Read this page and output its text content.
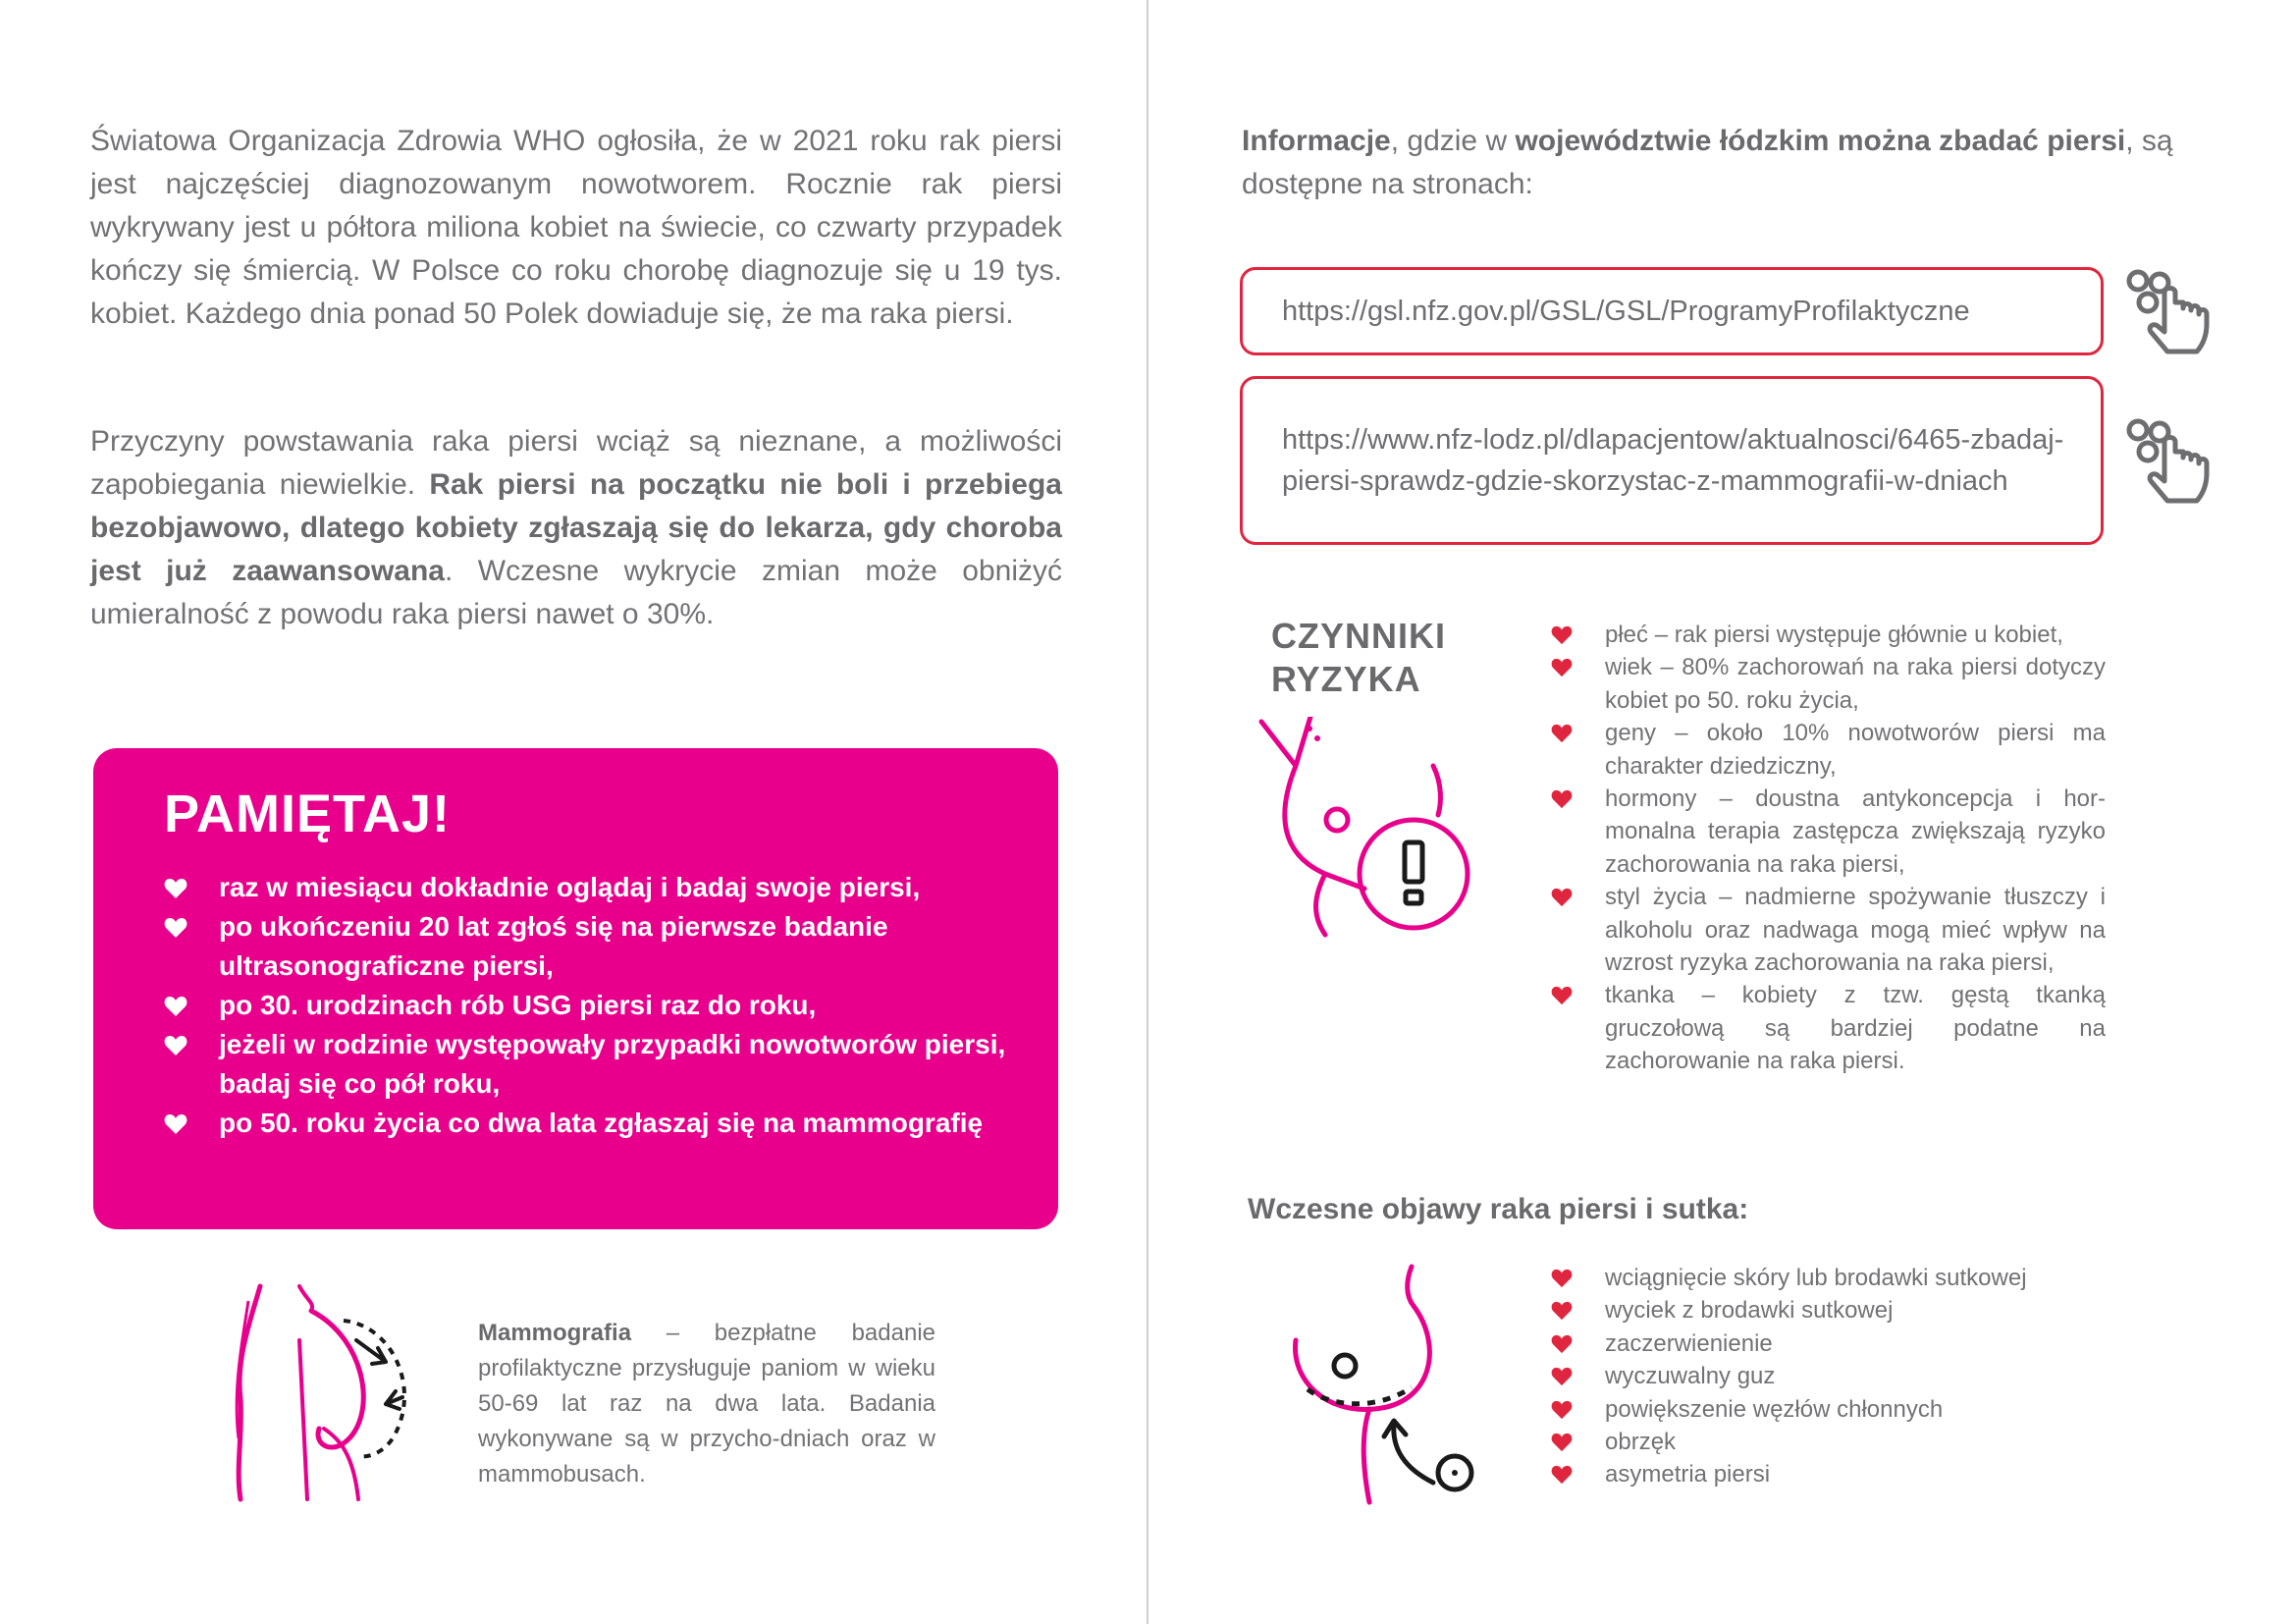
Światowa Organizacja Zdrowia WHO ogłosiła, że w 2021 roku rak piersi jest najczęściej diagnozowanym nowotworem. Rocznie rak piersi wykrywany jest u półtora miliona kobiet na świecie, co czwarty przypadek kończy się śmiercią. W Polsce co roku chorobę diagnozuje się u 19 tys. kobiet. Każdego dnia ponad 50 Polek dowiaduje się, że ma raka piersi.

Przyczyny powstawania raka piersi wciąż są nieznane, a możliwości zapobiegania niewielkie. Rak piersi na początku nie boli i przebiega bezobjawowo, dlatego kobiety zgłaszają się do lekarza, gdy choroba jest już zaawansowana. Wczesne wykrycie zmian może obniżyć umieralność z powodu raka piersi nawet o 30%.

PAMIĘTAJ!
raz w miesiącu dokładnie oglądaj i badaj swoje piersi,
po ukończeniu 20 lat zgłoś się na pierwsze badanie ultrasonograficzne piersi,
po 30. urodzinach rób USG piersi raz do roku,
jeżeli w rodzinie występowały przypadki nowotworów piersi, badaj się co pół roku,
po 50. roku życia co dwa lata zgłaszaj się na mammografię

Mammografia – bezpłatne badanie profilaktyczne przysługuje paniom w wieku 50-69 lat raz na dwa lata. Badania wykonywane są w przycho-dniach oraz w mammobusach.

Informacje, gdzie w województwie łódzkim można zbadać piersi, są dostępne na stronach:

https://gsl.nfz.gov.pl/GSL/GSL/ProgramyProfilaktyczne
https://www.nfz-lodz.pl/dlapacjentow/aktualnosci/6465-zbadaj-piersi-sprawdz-gdzie-skorzystac-z-mammografii-w-dniach
CZYNNIKI
RYZYKA
płeć – rak piersi występuje głównie u kobiet,
wiek – 80% zachorowań na raka piersi dotyczy kobiet po 50. roku życia,
geny – około 10% nowotworów piersi ma charakter dziedziczny,
hormony – doustna antykoncepcja i hor-monalna terapia zastępcza zwiększają ryzyko zachorowania na raka piersi,
styl życia – nadmierne spożywanie tłuszczy i alkoholu oraz nadwaga mogą mieć wpływ na wzrost ryzyka zachorowania na raka piersi,
tkanka – kobiety z tzw. gęstą tkanką gruczołową są bardziej podatne na zachorowanie na raka piersi.
Wczesne objawy raka piersi i sutka:
wciągnięcie skóry lub brodawki sutkowej
wyciek z brodawki sutkowej
zaczerwienienie
wyczuwalny guz
powiększenie węzłów chłonnych
obrzęk
asymetria piersi
